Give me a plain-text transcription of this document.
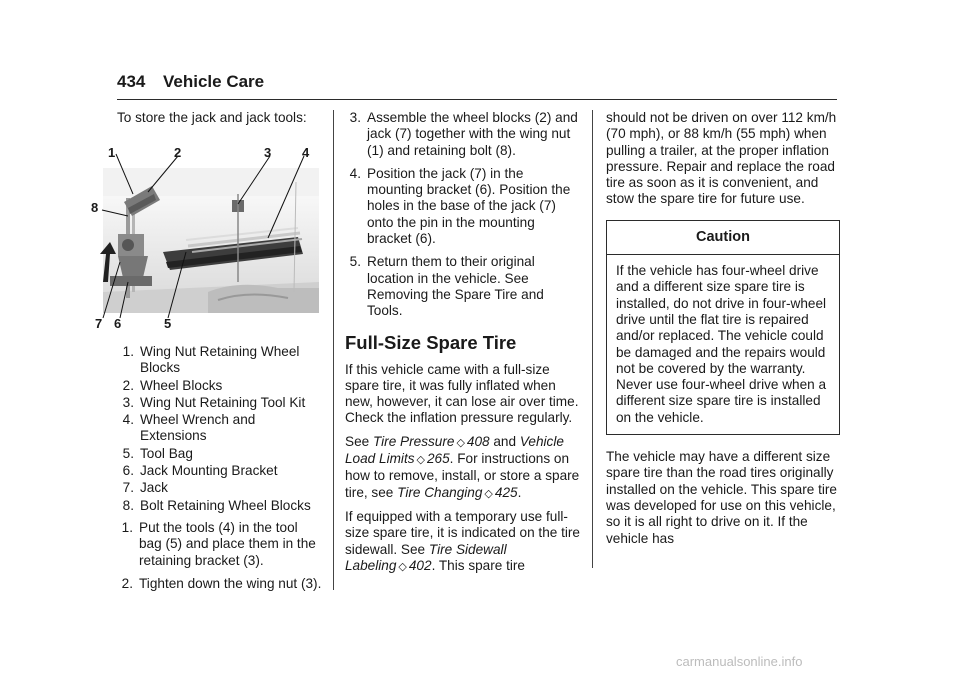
434 Vehicle Care

To store the jack and jack tools:

1	2	3 4
5
6
7
8
1. Wing Nut Retaining Wheel Blocks
2. Wheel Blocks
3. Wing Nut Retaining Tool Kit
4. Wheel Wrench and Extensions
5. Tool Bag
6. Jack Mounting Bracket
7. Jack
8. Bolt Retaining Wheel Blocks
1. Put the tools (4) in the tool bag (5) and place them in the retaining bracket (3).
2. Tighten down the wing nut (3).
3. Assemble the wheel blocks (2) and jack (7) together with the wing nut (1) and retaining bolt (8).
4. Position the jack (7) in the mounting bracket (6). Position the holes in the base of the jack (7) onto the pin in the mounting bracket (6).
5. Return them to their original location in the vehicle. See Removing the Spare Tire and Tools.
Full-Size Spare Tire

If this vehicle came with a full-size spare tire, it was fully inflated when new, however, it can lose air over time. Check the inflation pressure regularly.

See Tire Pressure ◇ 408 and Vehicle Load Limits ◇ 265. For instructions on how to remove, install, or store a spare tire, see Tire Changing ◇ 425.

If equipped with a temporary use full-size spare tire, it is indicated on the tire sidewall. See Tire Sidewall Labeling ◇ 402. This spare tire

should not be driven on over 112 km/h (70 mph), or 88 km/h (55 mph) when pulling a trailer, at the proper inflation pressure. Repair and replace the road tire as soon as it is convenient, and stow the spare tire for future use.

Caution
If the vehicle has four-wheel drive and a different size spare tire is installed, do not drive in four-wheel drive until the flat tire is repaired and/or replaced. The vehicle could be damaged and the repairs would not be covered by the warranty. Never use four-wheel drive when a different size spare tire is installed on the vehicle.

The vehicle may have a different size spare tire than the road tires originally installed on the vehicle. This spare tire was developed for use on this vehicle, so it is all right to drive on it. If the vehicle has

carmanualsonline.info
